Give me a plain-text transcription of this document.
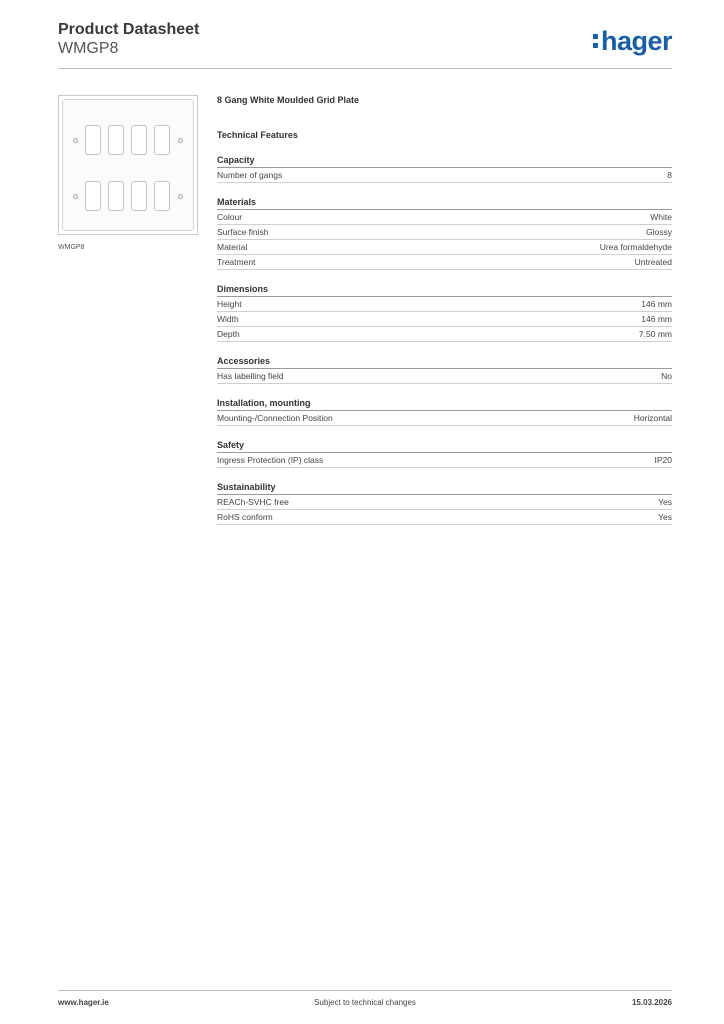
Product Datasheet
WMGP8	hager
WMGP8
8 Gang White Moulded Grid Plate
Technical Features
Capacity
Number of gangs	8
Materials
Colour	White
Surface finish	Glossy
Material	Urea formaldehyde
Treatment	Untreated
Dimensions
Height	146 mm
Width	146 mm
Depth	7.50 mm
Accessories
Has labelling field	No
Installation, mounting
Mounting-/Connection Position	Horizontal
Safety
Ingress Protection (IP) class	IP20
Sustainability
REACh-SVHC free	Yes
RoHS conform	Yes
www.hager.ie	Subject to technical changes	15.03.2026
